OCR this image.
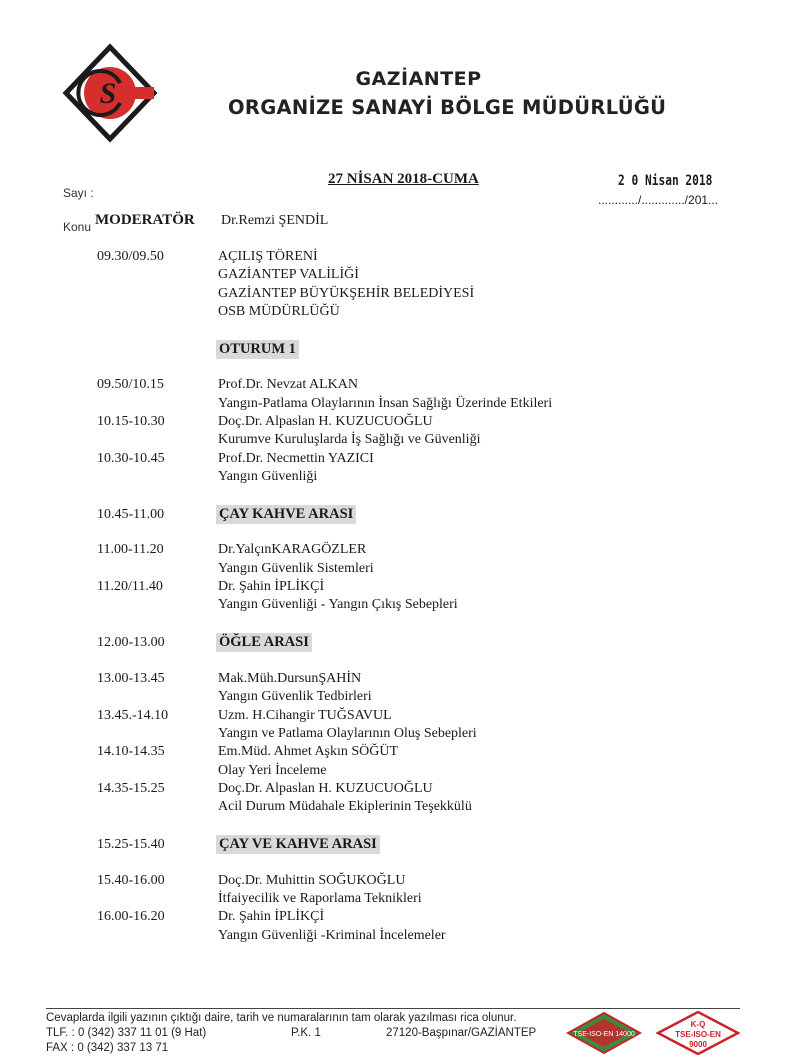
S	GAZİANTEP
ORGANİZE SANAYİ BÖLGE MÜDÜRLÜĞÜ
27 NİSAN 2018-CUMA	2 0 Nisan 2018
............/............./201...
Sayı :
Konu MODERATÖR Dr.Remzi ŞENDİL
09.30/09.50	AÇILIŞ TÖRENİ
GAZİANTEP VALİLİĞİ
GAZİANTEP BÜYÜKŞEHİR BELEDİYESİ
OSB MÜDÜRLÜĞÜ
OTURUM 1
09.50/10.15	Prof.Dr. Nevzat ALKAN
Yangın-Patlama Olaylarının İnsan Sağlığı Üzerinde Etkileri
10.15-10.30	Doç.Dr. Alpaslan H. KUZUCUOĞLU
Kurumve Kuruluşlarda İş Sağlığı ve Güvenliği
10.30-10.45	Prof.Dr. Necmettin YAZICI
Yangın Güvenliği
10.45-11.00	ÇAY KAHVE ARASI
11.00-11.20	Dr.YalçınKARAGÖZLER
Yangın Güvenlik Sistemleri
11.20/11.40	Dr. Şahin İPLİKÇİ
Yangın Güvenliği - Yangın Çıkış Sebepleri
12.00-13.00	ÖĞLE ARASI
13.00-13.45	Mak.Müh.DursunŞAHİN
Yangın Güvenlik Tedbirleri
13.45.-14.10	Uzm. H.Cihangir TUĞSAVUL
Yangın ve Patlama Olaylarının Oluş Sebepleri
14.10-14.35	Em.Müd. Ahmet Aşkın SÖĞÜT
Olay Yeri İnceleme
14.35-15.25	Doç.Dr. Alpaslan H. KUZUCUOĞLU
Acil Durum Müdahale Ekiplerinin Teşekkülü
15.25-15.40	ÇAY VE KAHVE ARASI
15.40-16.00	Doç.Dr. Muhittin SOĞUKOĞLU
İtfaiyecilik ve Raporlama Teknikleri
16.00-16.20	Dr. Şahin İPLİKÇİ
Yangın Güvenliği -Kriminal İncelemeler
Cevaplarda ilgili yazının çıktığı daire, tarih ve numaralarının tam olarak yazılması rica olunur.
TLF. : 0 (342) 337 11 01 (9 Hat)	P.K. 1	27120-Başpınar/GAZİANTEP
FAX : 0 (342) 337 13 71
TSE-ISO-EN 14000
K-Q
TSE-ISO-EN
9000
